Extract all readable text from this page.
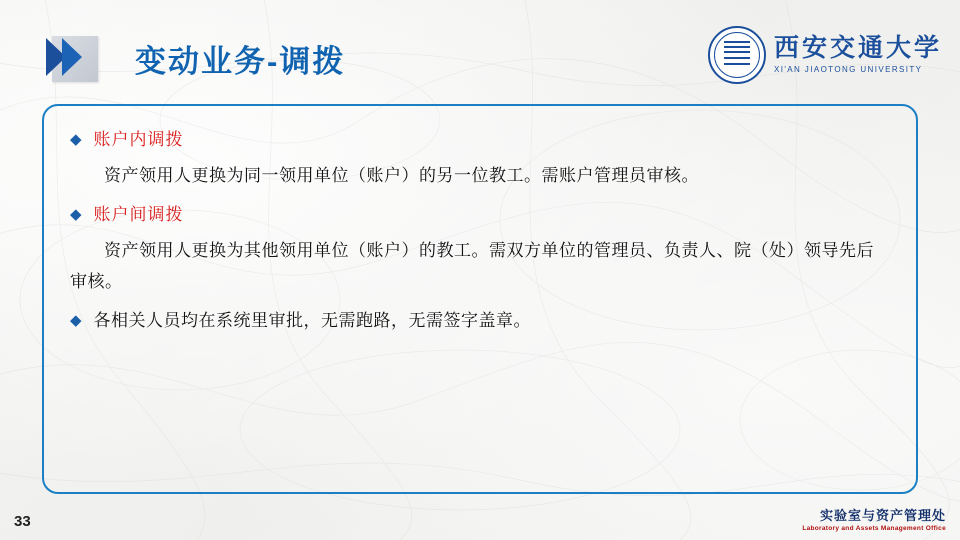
变动业务-调拨	西安交通大学
XI'AN JIAOTONG UNIVERSITY
◆ 账户内调拨
资产领用人更换为同一领用单位（账户）的另一位教工。需账户管理员审核。
◆ 账户间调拨
资产领用人更换为其他领用单位（账户）的教工。需双方单位的管理员、负责人、院（处）领导先后审核。
◆ 各相关人员均在系统里审批，无需跑路，无需签字盖章。
33	实验室与资产管理处
Laboratory and Assets Management Office
